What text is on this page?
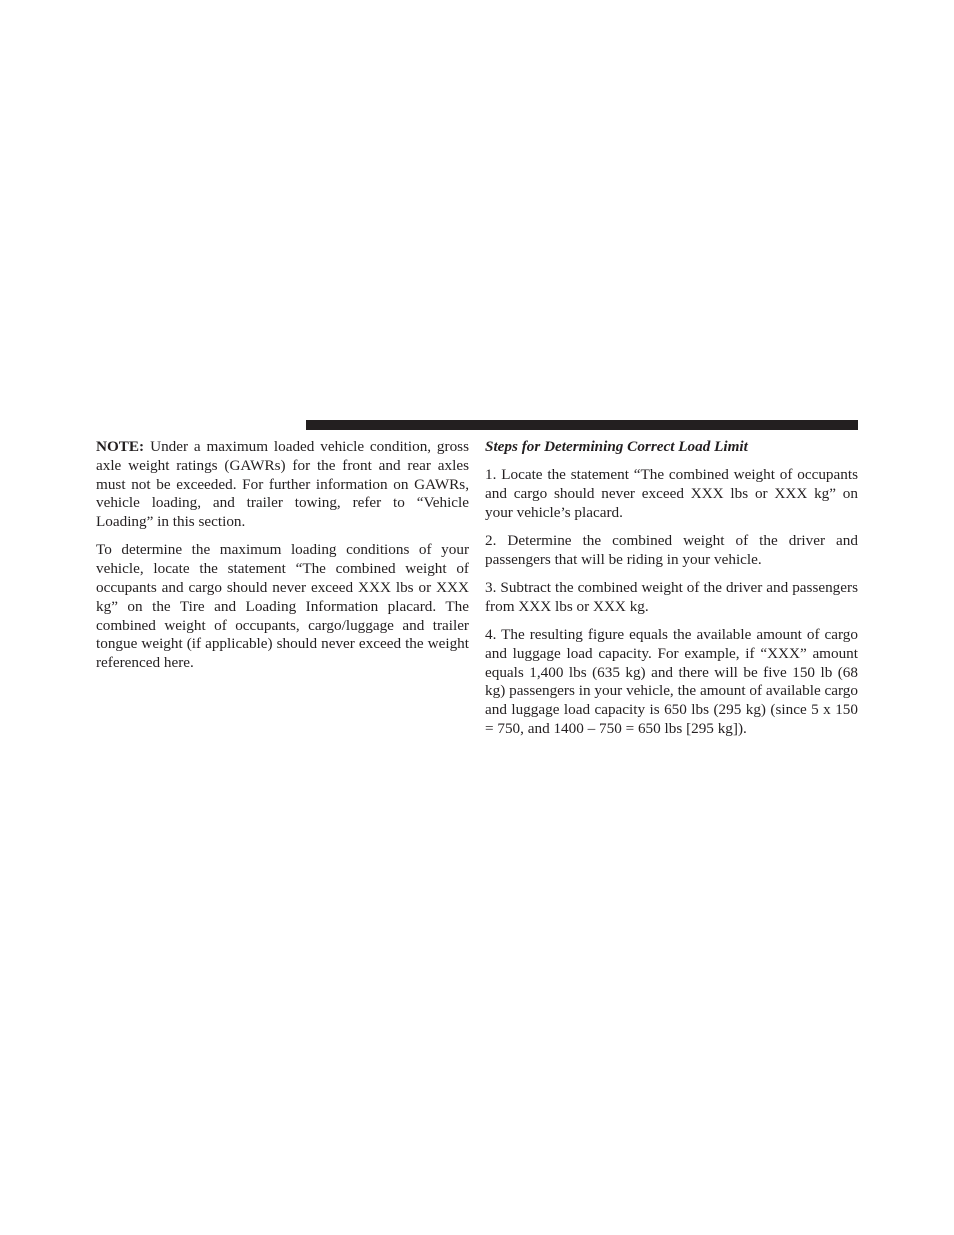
NOTE: Under a maximum loaded vehicle condition, gross axle weight ratings (GAWRs) for the front and rear axles must not be exceeded. For further information on GAWRs, vehicle loading, and trailer towing, refer to “Vehicle Loading” in this section.

To determine the maximum loading conditions of your vehicle, locate the statement “The combined weight of occupants and cargo should never exceed XXX lbs or XXX kg” on the Tire and Loading Information placard. The combined weight of occupants, cargo/luggage and trailer tongue weight (if applicable) should never exceed the weight referenced here.

Steps for Determining Correct Load Limit

1. Locate the statement “The combined weight of occupants and cargo should never exceed XXX lbs or XXX kg” on your vehicle’s placard.

2. Determine the combined weight of the driver and passengers that will be riding in your vehicle.

3. Subtract the combined weight of the driver and passengers from XXX lbs or XXX kg.

4. The resulting figure equals the available amount of cargo and luggage load capacity. For example, if “XXX” amount equals 1,400 lbs (635 kg) and there will be five 150 lb (68 kg) passengers in your vehicle, the amount of available cargo and luggage load capacity is 650 lbs (295 kg) (since 5 x 150 = 750, and 1400 – 750 = 650 lbs [295 kg]).
